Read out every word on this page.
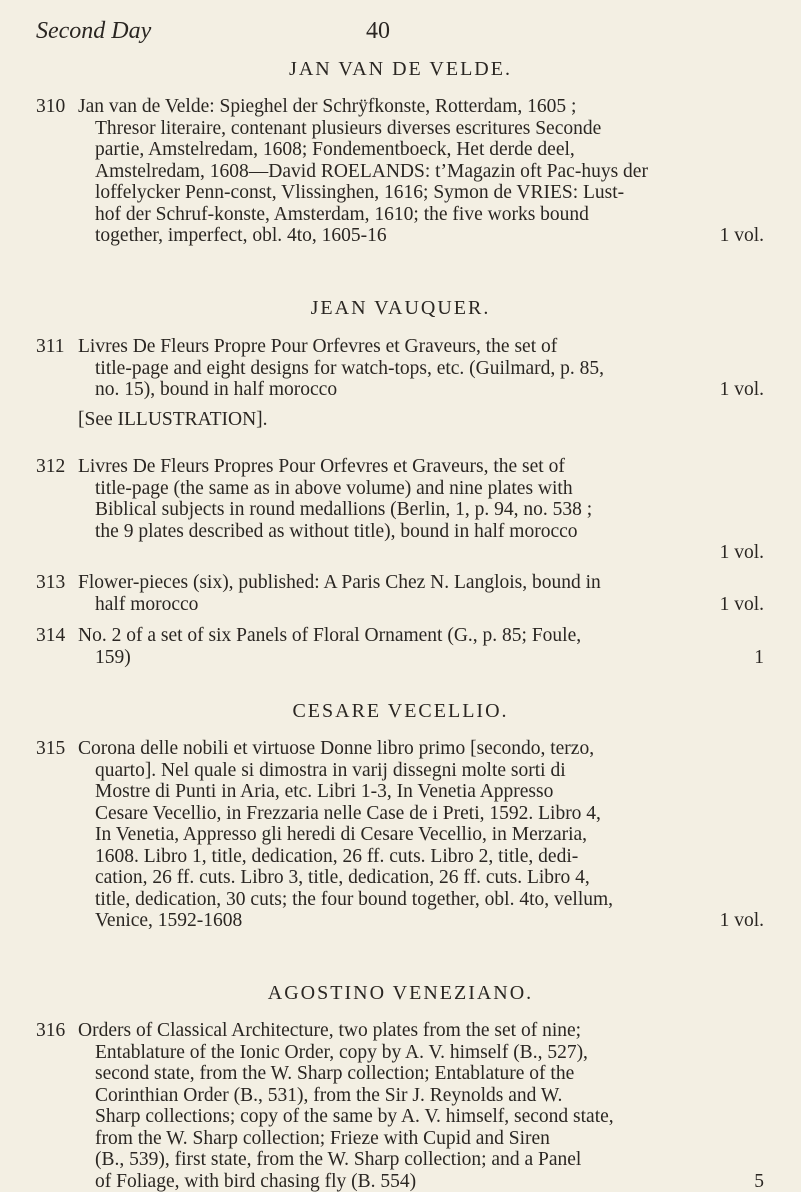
Second Day	40
JAN VAN DE VELDE.
310 Jan van de Velde: Spieghel der Schrÿfkonste, Rotterdam, 1605 ;
Thresor literaire, contenant plusieurs diverses escritures Seconde
partie, Amstelredam, 1608; Fondementboeck, Het derde deel,
Amstelredam, 1608—David ROELANDS: t’Magazin oft Pac-huys der
loffelycker Penn-const, Vlissinghen, 1616; Symon de VRIES: Lust-
hof der Schruf-konste, Amsterdam, 1610; the five works bound
together, imperfect, obl. 4to, 1605-16	1 vol.
JEAN VAUQUER.
311 Livres De Fleurs Propre Pour Orfevres et Graveurs, the set of
title-page and eight designs for watch-tops, etc. (Guilmard, p. 85,
no. 15), bound in half morocco	1 vol.
[See ILLUSTRATION].
312 Livres De Fleurs Propres Pour Orfevres et Graveurs, the set of
title-page (the same as in above volume) and nine plates with
Biblical subjects in round medallions (Berlin, 1, p. 94, no. 538 ;
the 9 plates described as without title), bound in half morocco
1 vol.

313 Flower-pieces (six), published: A Paris Chez N. Langlois, bound in
half morocco	1 vol.
314 No. 2 of a set of six Panels of Floral Ornament (G., p. 85; Foule,
159)	1
CESARE VECELLIO.
315 Corona delle nobili et virtuose Donne libro primo [secondo, terzo,
quarto]. Nel quale si dimostra in varij dissegni molte sorti di
Mostre di Punti in Aria, etc. Libri 1-3, In Venetia Appresso
Cesare Vecellio, in Frezzaria nelle Case de i Preti, 1592. Libro 4,
In Venetia, Appresso gli heredi di Cesare Vecellio, in Merzaria,
1608. Libro 1, title, dedication, 26 ff. cuts. Libro 2, title, dedi-
cation, 26 ff. cuts. Libro 3, title, dedication, 26 ff. cuts. Libro 4,
title, dedication, 30 cuts; the four bound together, obl. 4to, vellum,
Venice, 1592-1608	1 vol.
AGOSTINO VENEZIANO.
316 Orders of Classical Architecture, two plates from the set of nine;
Entablature of the Ionic Order, copy by A. V. himself (B., 527),
second state, from the W. Sharp collection; Entablature of the
Corinthian Order (B., 531), from the Sir J. Reynolds and W.
Sharp collections; copy of the same by A. V. himself, second state,
from the W. Sharp collection; Frieze with Cupid and Siren
(B., 539), first state, from the W. Sharp collection; and a Panel
of Foliage, with bird chasing fly (B. 554)	5
